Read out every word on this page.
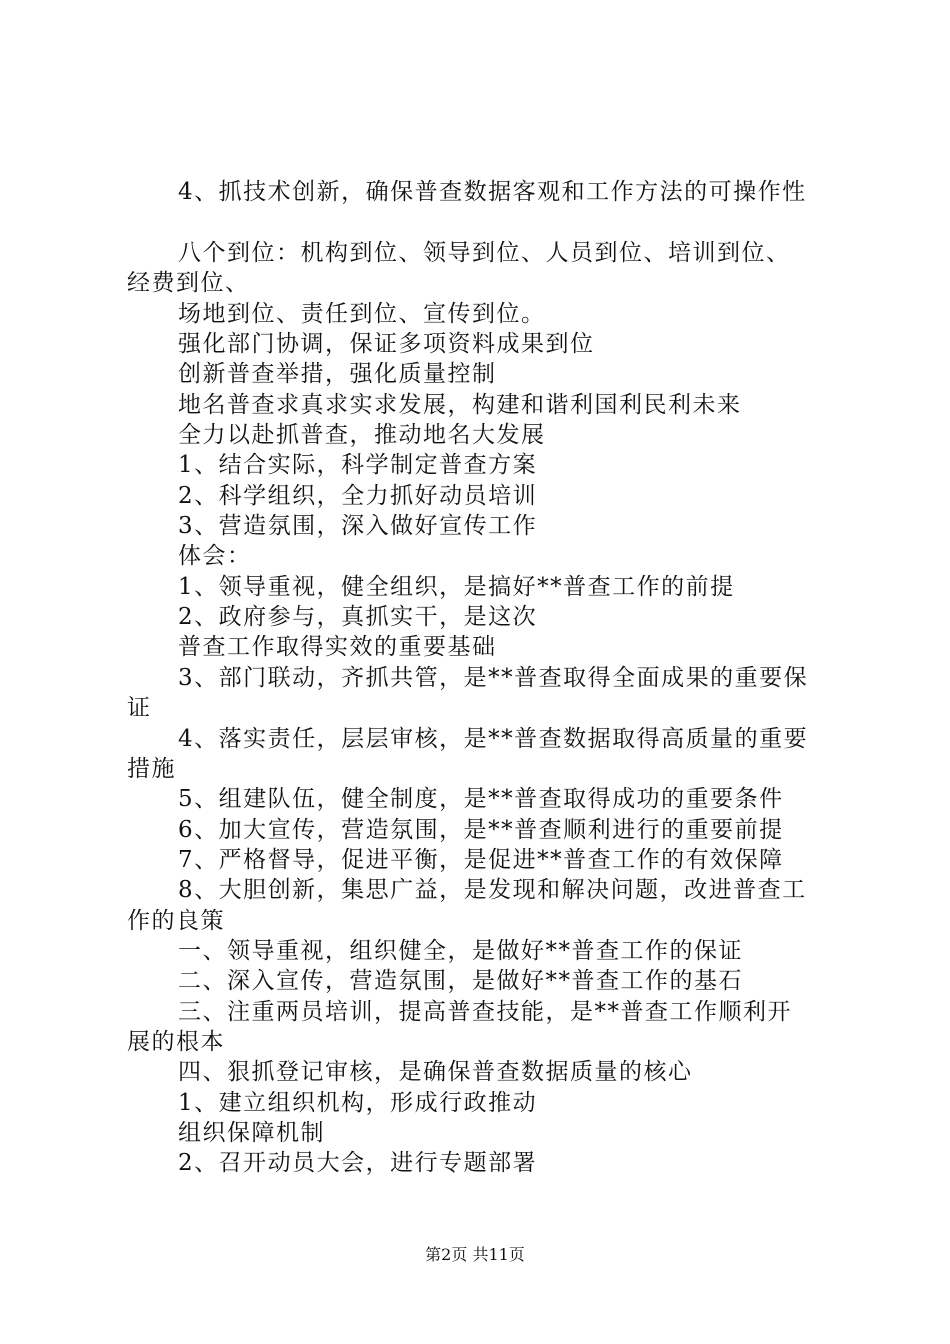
4、抓技术创新，确保普查数据客观和工作方法的可操作性
八个到位：机构到位、领导到位、人员到位、培训到位、
经费到位、
场地到位、责任到位、宣传到位。
强化部门协调，保证多项资料成果到位
创新普查举措，强化质量控制
地名普查求真求实求发展，构建和谐利国利民利未来
全力以赴抓普查，推动地名大发展
1、结合实际，科学制定普查方案
2、科学组织，全力抓好动员培训
3、营造氛围，深入做好宣传工作
体会：
1、领导重视，健全组织，是搞好**普查工作的前提
2、政府参与，真抓实干，是这次
普查工作取得实效的重要基础
3、部门联动，齐抓共管，是**普查取得全面成果的重要保
证
4、落实责任，层层审核，是**普查数据取得高质量的重要
措施
5、组建队伍，健全制度，是**普查取得成功的重要条件
6、加大宣传，营造氛围，是**普查顺利进行的重要前提
7、严格督导，促进平衡，是促进**普查工作的有效保障
8、大胆创新，集思广益，是发现和解决问题，改进普查工
作的良策
一、领导重视，组织健全，是做好**普查工作的保证
二、深入宣传，营造氛围，是做好**普查工作的基石
三、注重两员培训，提高普查技能，是**普查工作顺利开
展的根本
四、狠抓登记审核，是确保普查数据质量的核心
1、建立组织机构，形成行政推动
组织保障机制
2、召开动员大会，进行专题部署
第2页 共11页
